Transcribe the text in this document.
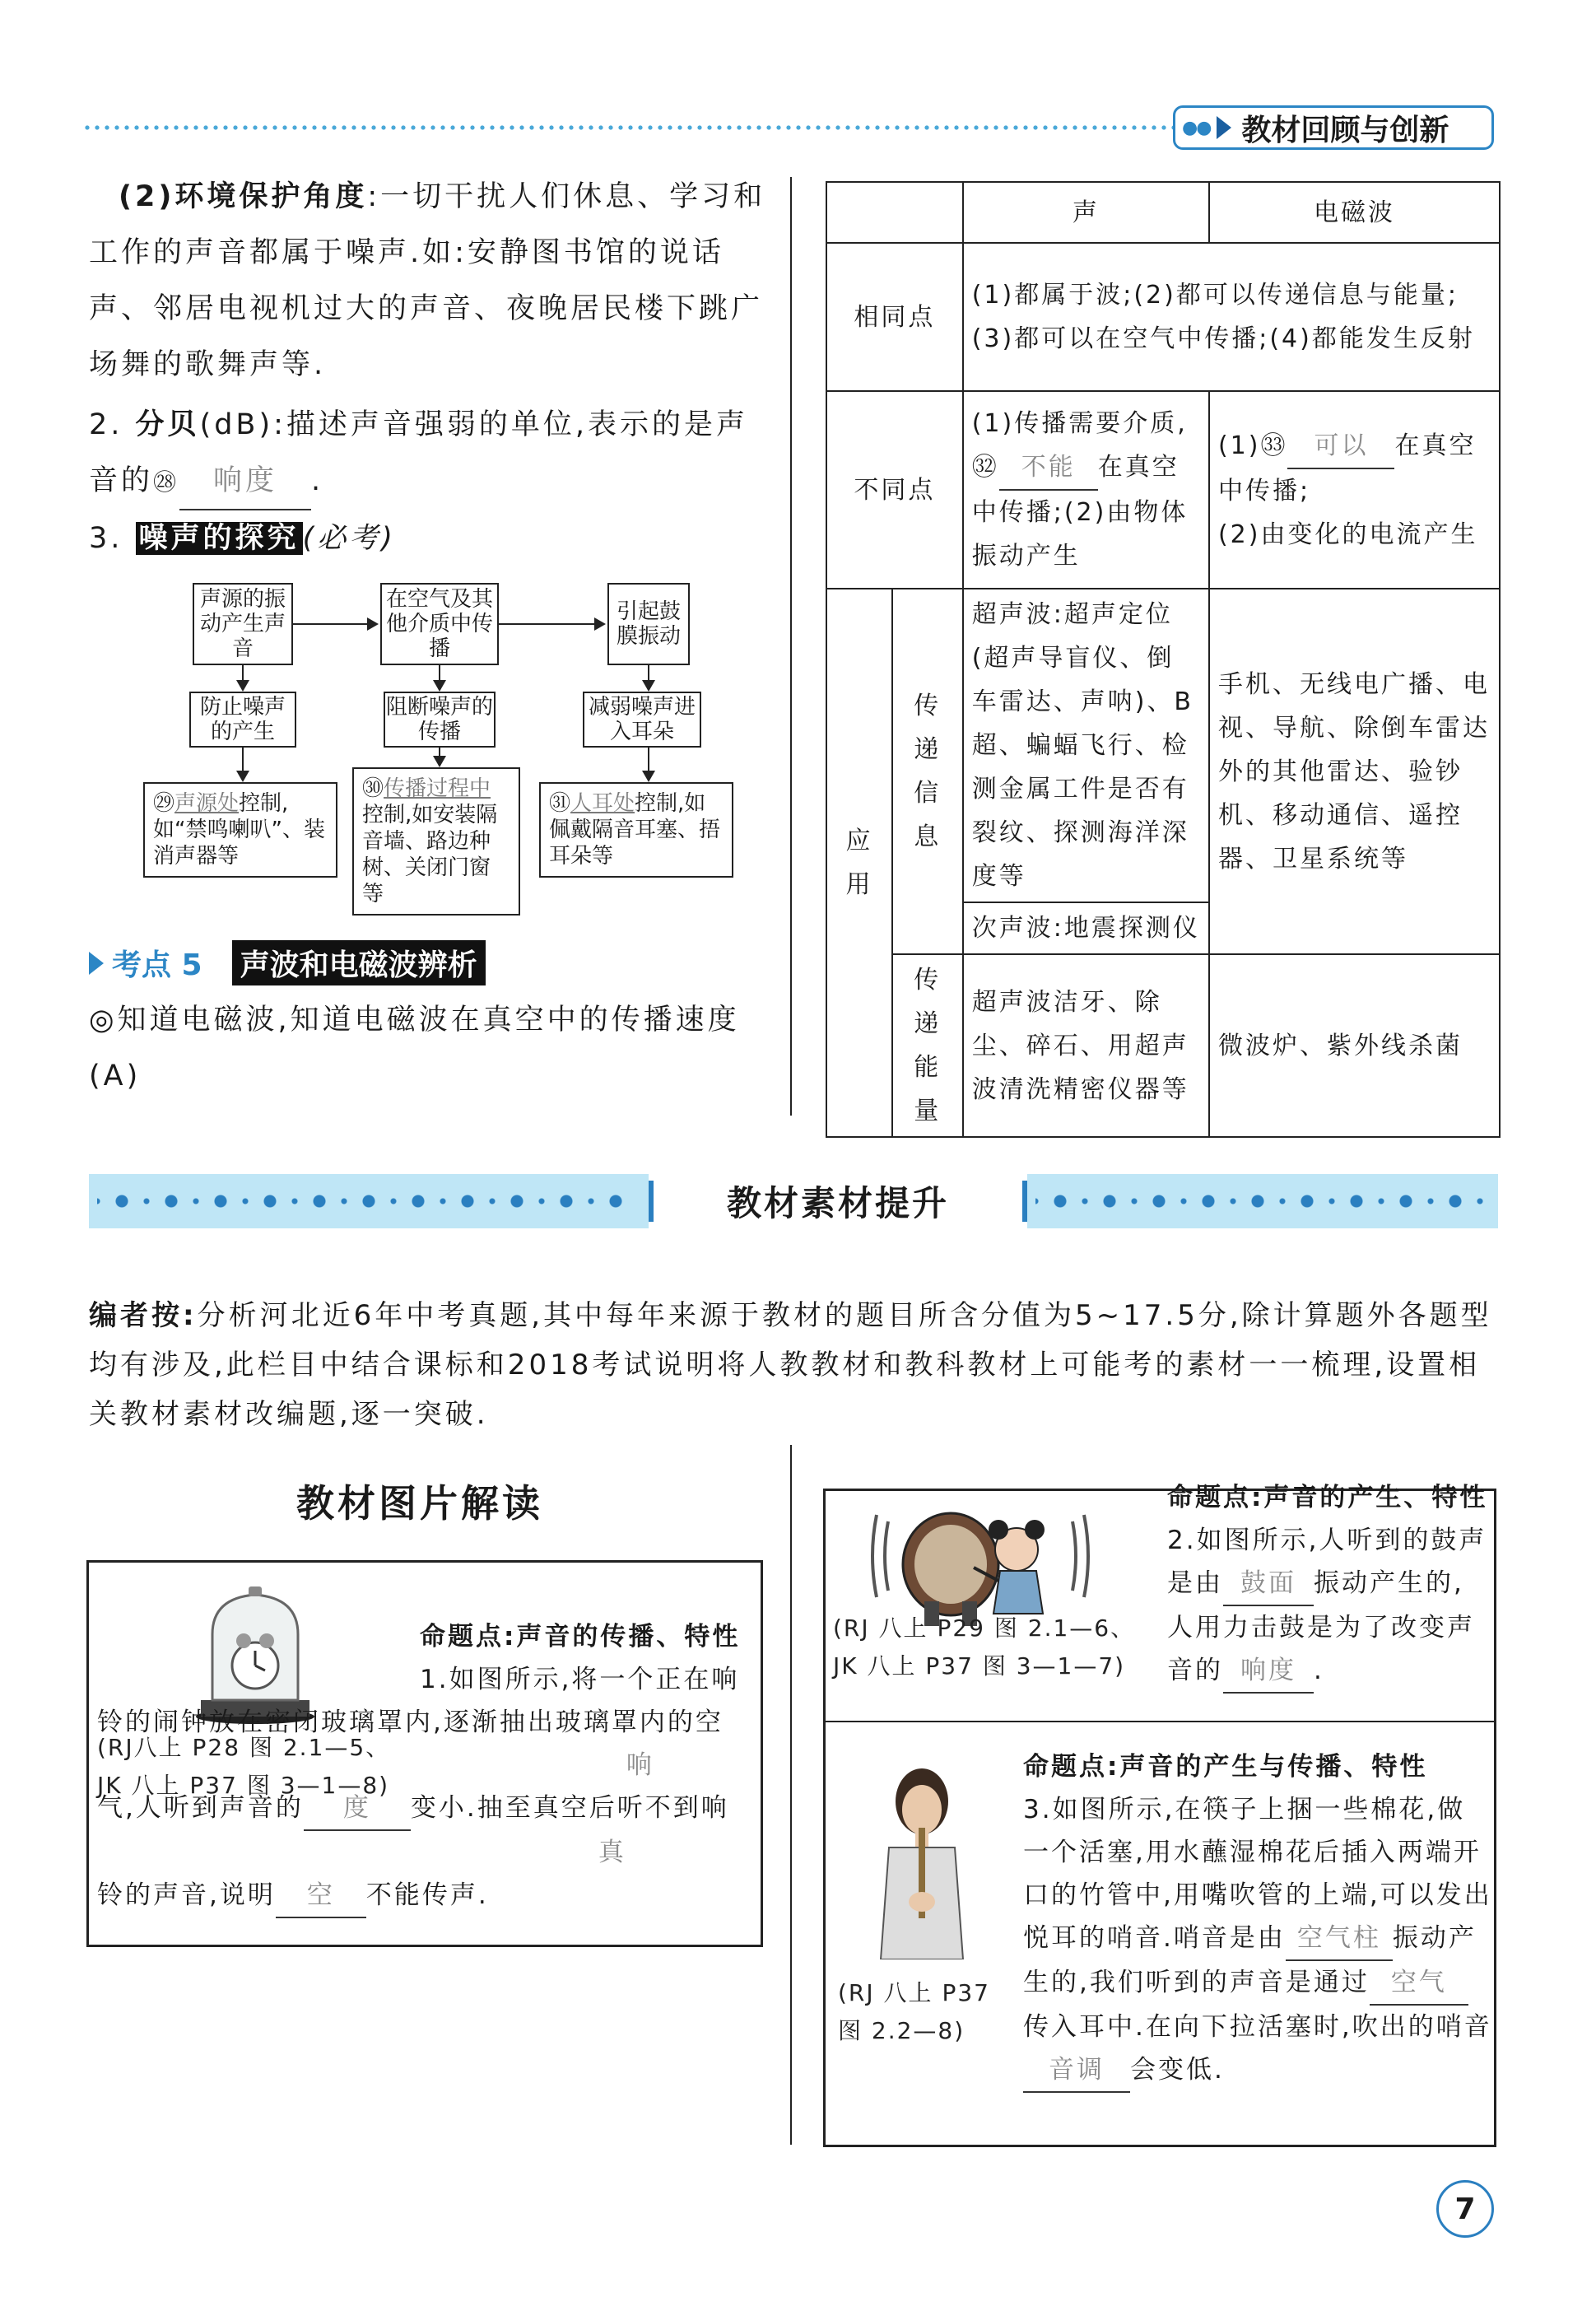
●● 教材回顾与创新
(2)环境保护角度:一切干扰人们休息、学习和工作的声音都属于噪声.如:安静图书馆的说话声、邻居电视机过大的声音、夜晚居民楼下跳广场舞的歌舞声等.
2. 分贝(dB):描述声音强弱的单位,表示的是声音的㉘ 响度 .
3. 噪声的探究 (必考)
声源的振动产生声音
在空气及其他介质中传播
引起鼓膜振动
防止噪声的产生
阻断噪声的传播
减弱噪声进入耳朵
㉙声源处控制,如“禁鸣喇叭”、装消声器等
㉚传播过程中控制,如安装隔音墙、路边种树、关闭门窗等
㉛人耳处控制,如佩戴隔音耳塞、捂耳朵等
考点 5 声波和电磁波辨析
◎知道电磁波,知道电磁波在真空中的传播速度(A)
		声	电磁波
相同点		(1)都属于波;(2)都可以传递信息与能量;(3)都可以在空气中传播;(4)都能发生反射	
不同点		(1)传播需要介质,㉜ 不能 在真空中传播;(2)由物体振动产生	(1)㉝ 可以 在真空中传播;
(2)由变化的电流产生
应用	传递信息	超声波:超声定位(超声导盲仪、倒车雷达、声呐)、B超、蝙蝠飞行、检测金属工件是否有裂纹、探测海洋深度等	手机、无线电广播、电视、导航、除倒车雷达外的其他雷达、验钞机、移动通信、遥控器、卫星系统等
		次声波:地震探测仪	
	传递能量	超声波洁牙、除尘、碎石、用超声波清洗精密仪器等	微波炉、紫外线杀菌
教材素材提升
编者按:分析河北近6年中考真题,其中每年来源于教材的题目所含分值为5~17.5分,除计算题外各题型均有涉及,此栏目中结合课标和2018考试说明将人教教材和教科教材上可能考的素材一一梳理,设置相关教材素材改编题,逐一突破.
教材图片解读
(RJ八上 P28 图 2.1—5、JK 八上 P37 图 3—1—8)
命题点:声音的传播、特性
1.如图所示,将一个正在响铃的闹钟放在密闭玻璃罩内,逐渐抽出玻璃罩内的空气,人听到声音的响度 变小.抽至真空后听不到响铃的声音,说明真空 不能传声.
(RJ 八上 P29 图 2.1—6、JK 八上 P37 图 3—1—7)
命题点:声音的产生、特性
2.如图所示,人听到的鼓声是由 鼓面 振动产生的,人用力击鼓是为了改变声音的 响度 .
(RJ 八上 P37 图 2.2—8)
命题点:声音的产生与传播、特性
3.如图所示,在筷子上捆一些棉花,做一个活塞,用水蘸湿棉花后插入两端开口的竹管中,用嘴吹管的上端,可以发出悦耳的哨音.哨音是由 空气柱 振动产生的,我们听到的声音是通过 空气传入耳中.在向下拉活塞时,吹出的哨音音调 会变低.
7
